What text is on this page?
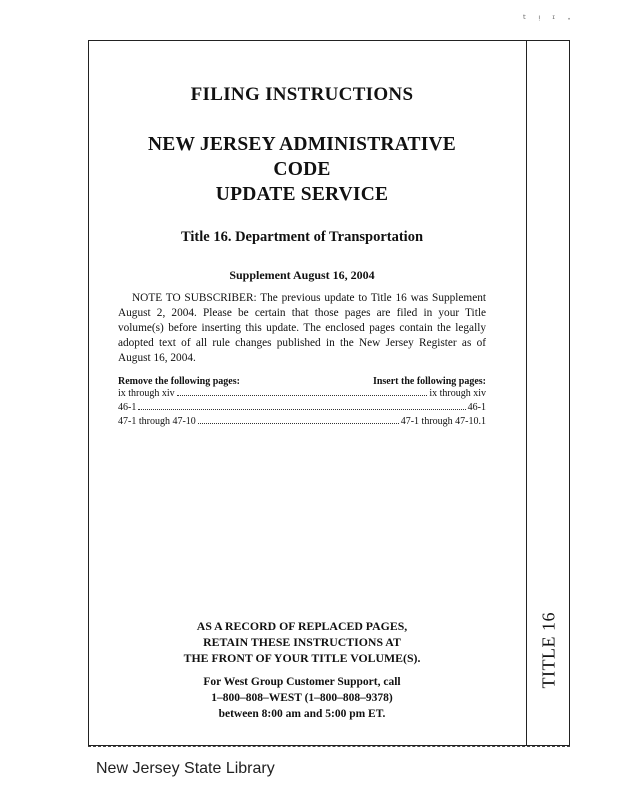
ᵗ ᵎ ᶦ ·
TITLE 16
FILING INSTRUCTIONS
NEW JERSEY ADMINISTRATIVE CODE
UPDATE SERVICE
Title 16. Department of Transportation
Supplement August 16, 2004
NOTE TO SUBSCRIBER: The previous update to Title 16 was Supplement August 2, 2004. Please be certain that those pages are filed in your Title volume(s) before inserting this update. The enclosed pages contain the legally adopted text of all rule changes published in the New Jersey Register as of August 16, 2004.
Remove the following pages:	Insert the following pages:
ix through xiv	ix through xiv
46-1	46-1
47-1 through 47-10	47-1 through 47-10.1
AS A RECORD OF REPLACED PAGES,
RETAIN THESE INSTRUCTIONS AT
THE FRONT OF YOUR TITLE VOLUME(S).
For West Group Customer Support, call
1–800–808–WEST (1–800–808–9378)
between 8:00 am and 5:00 pm ET.
New Jersey State Library
